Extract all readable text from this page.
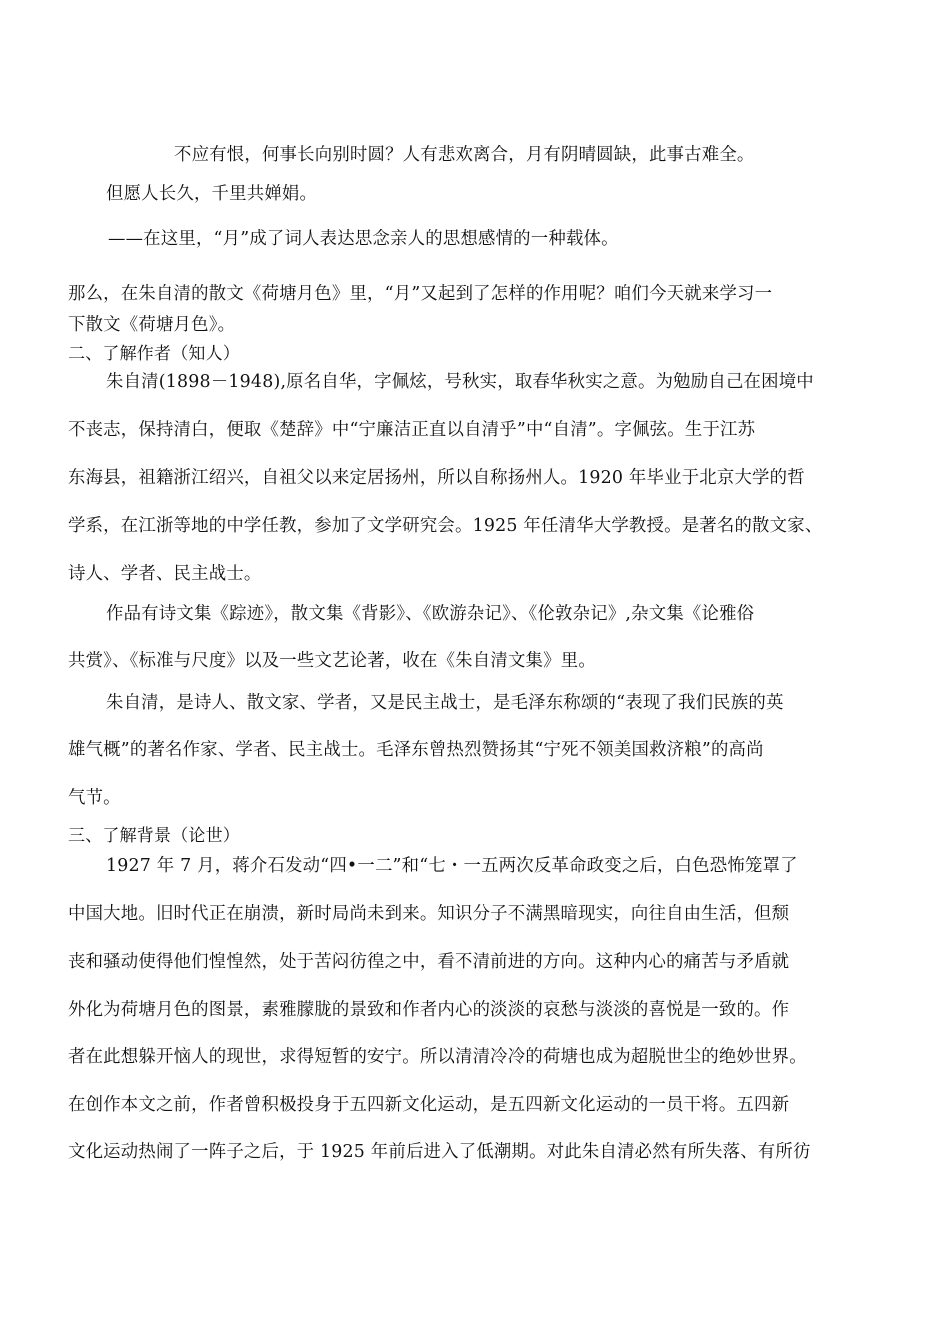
不应有恨，何事长向别时圆？人有悲欢离合，月有阴晴圆缺，此事古难全。
但愿人长久，千里共婵娟。
——在这里，“月”成了词人表达思念亲人的思想感情的一种载体。
那么，在朱自清的散文《荷塘月色》里，“月”又起到了怎样的作用呢？咱们今天就来学习一
下散文《荷塘月色》。
二、了解作者（知人）
朱自清(1898－1948),原名自华，字佩炫，号秋实，取春华秋实之意。为勉励自己在困境中
不丧志，保持清白，便取《楚辞》中“宁廉洁正直以自清乎”中“自清”。字佩弦。生于江苏
东海县，祖籍浙江绍兴，自祖父以来定居扬州，所以自称扬州人。1920 年毕业于北京大学的哲
学系，在江浙等地的中学任教，参加了文学研究会。1925 年任清华大学教授。是著名的散文家、
诗人、学者、民主战士。
作品有诗文集《踪迹》，散文集《背影》、《欧游杂记》、《伦敦杂记》,杂文集《论雅俗
共赏》、《标准与尺度》以及一些文艺论著，收在《朱自清文集》里。
朱自清，是诗人、散文家、学者，又是民主战士，是毛泽东称颂的“表现了我们民族的英
雄气概”的著名作家、学者、民主战士。毛泽东曾热烈赞扬其“宁死不领美国救济粮”的高尚
气节。
三、了解背景（论世）
1927 年 7 月，蒋介石发动“四•一二”和“七・一五两次反革命政变之后，白色恐怖笼罩了
中国大地。旧时代正在崩溃，新时局尚未到来。知识分子不满黑暗现实，向往自由生活，但颓
丧和骚动使得他们惶惶然，处于苦闷彷徨之中，看不清前进的方向。这种内心的痛苦与矛盾就
外化为荷塘月色的图景，素雅朦胧的景致和作者内心的淡淡的哀愁与淡淡的喜悦是一致的。作
者在此想躲开恼人的现世，求得短暂的安宁。所以清清冷冷的荷塘也成为超脱世尘的绝妙世界。
在创作本文之前，作者曾积极投身于五四新文化运动，是五四新文化运动的一员干将。五四新
文化运动热闹了一阵子之后，于 1925 年前后进入了低潮期。对此朱自清必然有所失落、有所彷
